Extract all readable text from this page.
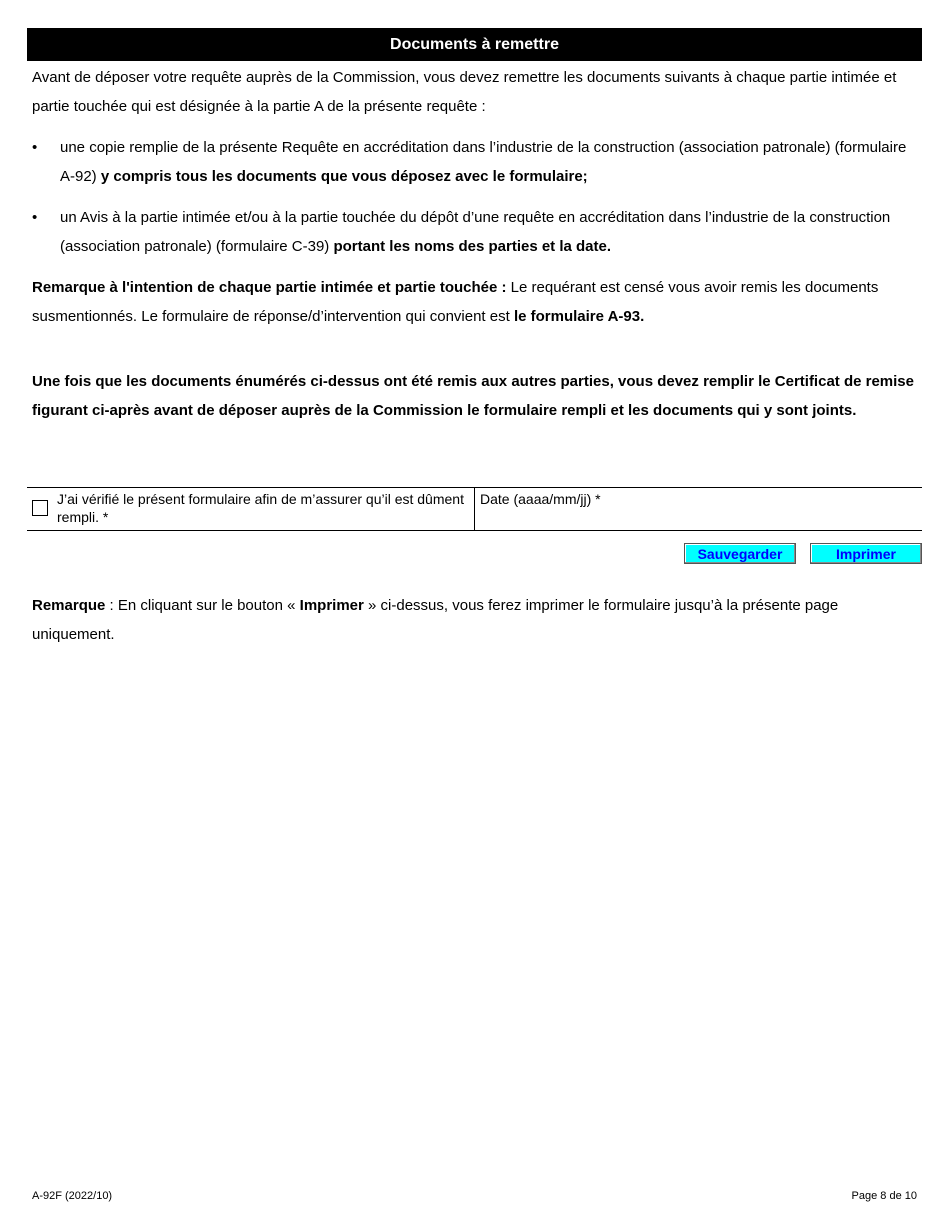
Documents à remettre
Avant de déposer votre requête auprès de la Commission, vous devez remettre les documents suivants à chaque partie intimée et partie touchée qui est désignée à la partie A de la présente requête :
• une copie remplie de la présente Requête en accréditation dans l’industrie de la construction (association patronale) (formulaire A-92) y compris tous les documents que vous déposez avec le formulaire;
• un Avis à la partie intimée et/ou à la partie touchée du dépôt d’une requête en accréditation dans l’industrie de la construction (association patronale) (formulaire C-39) portant les noms des parties et la date.
Remarque à l'intention de chaque partie intimée et partie touchée : Le requérant est censé vous avoir remis les documents susmentionnés. Le formulaire de réponse/d’intervention qui convient est le formulaire A-93.
Une fois que les documents énumérés ci-dessus ont été remis aux autres parties, vous devez remplir le Certificat de remise figurant ci-après avant de déposer auprès de la Commission le formulaire rempli et les documents qui y sont joints.
J’ai vérifié le présent formulaire afin de m’assurer qu’il est dûment rempli. *
Date (aaaa/mm/jj) *
Sauvegarder	Imprimer
Remarque : En cliquant sur le bouton « Imprimer » ci-dessus, vous ferez imprimer le formulaire jusqu’à la présente page uniquement.
A-92F (2022/10)	Page 8 de 10
